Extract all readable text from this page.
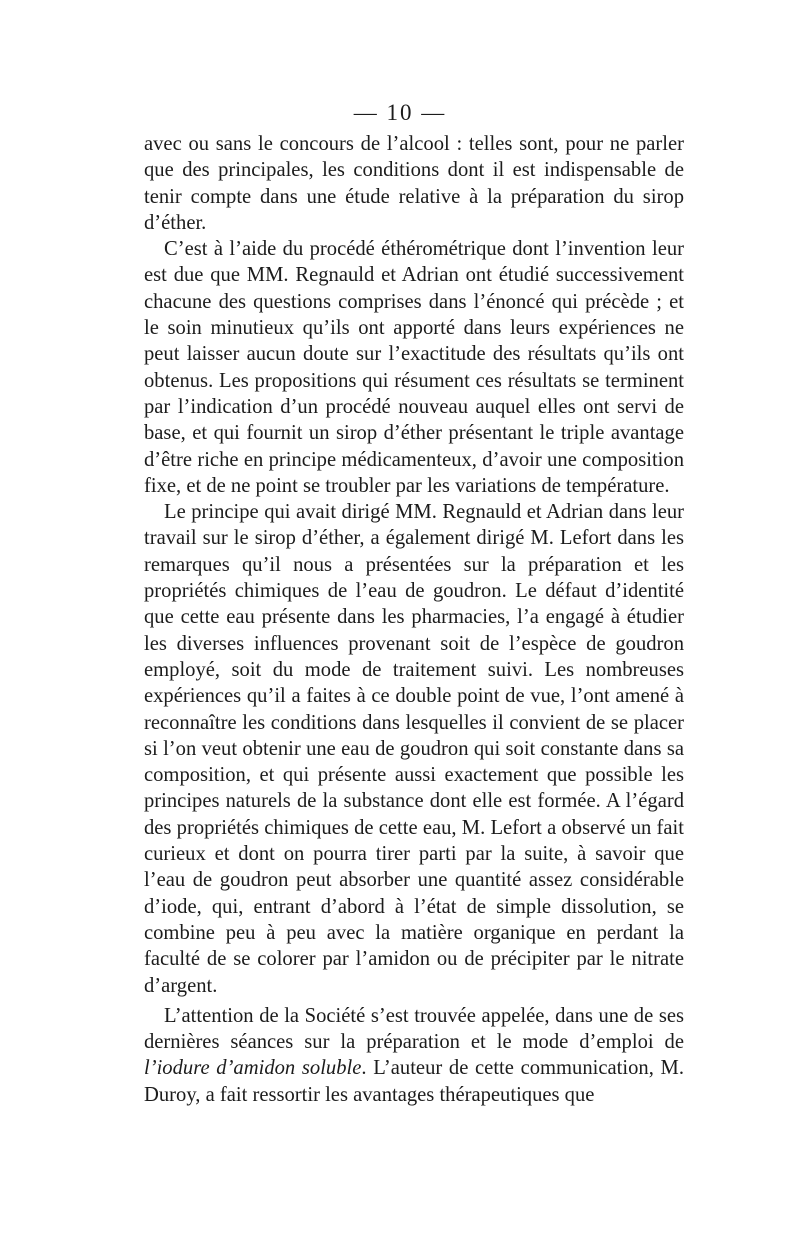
— 10 —

avec ou sans le concours de l’alcool : telles sont, pour ne parler que des principales, les conditions dont il est indispensable de tenir compte dans une étude relative à la préparation du sirop d’éther.

C’est à l’aide du procédé éthérométrique dont l’invention leur est due que MM. Regnauld et Adrian ont étudié successivement chacune des questions comprises dans l’énoncé qui précède ; et le soin minutieux qu’ils ont apporté dans leurs expériences ne peut laisser aucun doute sur l’exactitude des résultats qu’ils ont obtenus. Les propositions qui résument ces résultats se terminent par l’indication d’un procédé nouveau auquel elles ont servi de base, et qui fournit un sirop d’éther présentant le triple avantage d’être riche en principe médicamenteux, d’avoir une composition fixe, et de ne point se troubler par les variations de température.

Le principe qui avait dirigé MM. Regnauld et Adrian dans leur travail sur le sirop d’éther, a également dirigé M. Lefort dans les remarques qu’il nous a présentées sur la préparation et les propriétés chimiques de l’eau de goudron. Le défaut d’identité que cette eau présente dans les pharmacies, l’a engagé à étudier les diverses influences provenant soit de l’espèce de goudron employé, soit du mode de traitement suivi. Les nombreuses expériences qu’il a faites à ce double point de vue, l’ont amené à reconnaître les conditions dans lesquelles il convient de se placer si l’on veut obtenir une eau de goudron qui soit constante dans sa composition, et qui présente aussi exactement que possible les principes naturels de la substance dont elle est formée. A l’égard des propriétés chimiques de cette eau, M. Lefort a observé un fait curieux et dont on pourra tirer parti par la suite, à savoir que l’eau de goudron peut absorber une quantité assez considérable d’iode, qui, entrant d’abord à l’état de simple dissolution, se combine peu à peu avec la matière organique en perdant la faculté de se colorer par l’amidon ou de précipiter par le nitrate d’argent.

L’attention de la Société s’est trouvée appelée, dans une de ses dernières séances sur la préparation et le mode d’emploi de l’iodure d’amidon soluble. L’auteur de cette communication, M. Duroy, a fait ressortir les avantages thérapeutiques que
